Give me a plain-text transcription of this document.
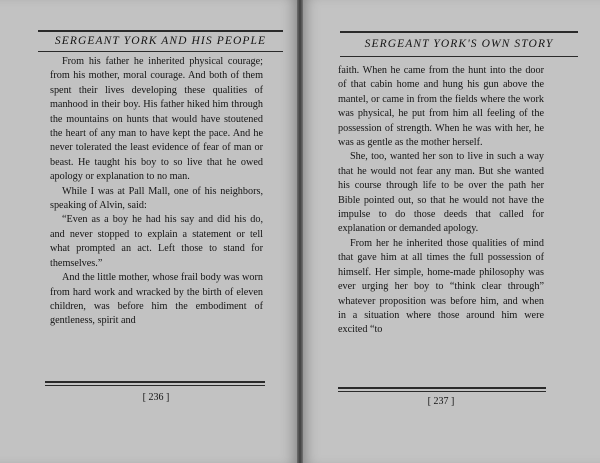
SERGEANT YORK AND HIS PEOPLE

From his father he inherited physical courage; from his mother, moral courage. And both of them spent their lives developing these qualities of manhood in their boy. His father hiked him through the mountains on hunts that would have stoutened the heart of any man to have kept the pace. And he never tolerated the least evidence of fear of man or beast. He taught his boy to so live that he owed apology or explanation to no man.

While I was at Pall Mall, one of his neighbors, speaking of Alvin, said:

“Even as a boy he had his say and did his do, and never stopped to explain a statement or tell what prompted an act. Left those to stand for themselves.”

And the little mother, whose frail body was worn from hard work and wracked by the birth of eleven children, was before him the embodiment of gentleness, spirit and

[ 236 ]
SERGEANT YORK'S OWN STORY

faith. When he came from the hunt into the door of that cabin home and hung his gun above the mantel, or came in from the fields where the work was physical, he put from him all feeling of the possession of strength. When he was with her, he was as gentle as the mother herself.

She, too, wanted her son to live in such a way that he would not fear any man. But she wanted his course through life to be over the path her Bible pointed out, so that he would not have the impulse to do those deeds that called for explanation or demanded apology.

From her he inherited those qualities of mind that gave him at all times the full possession of himself. Her simple, home-made philosophy was ever urging her boy to “think clear through” whatever proposition was before him, and when in a situation where those around him were excited “to

[ 237 ]
